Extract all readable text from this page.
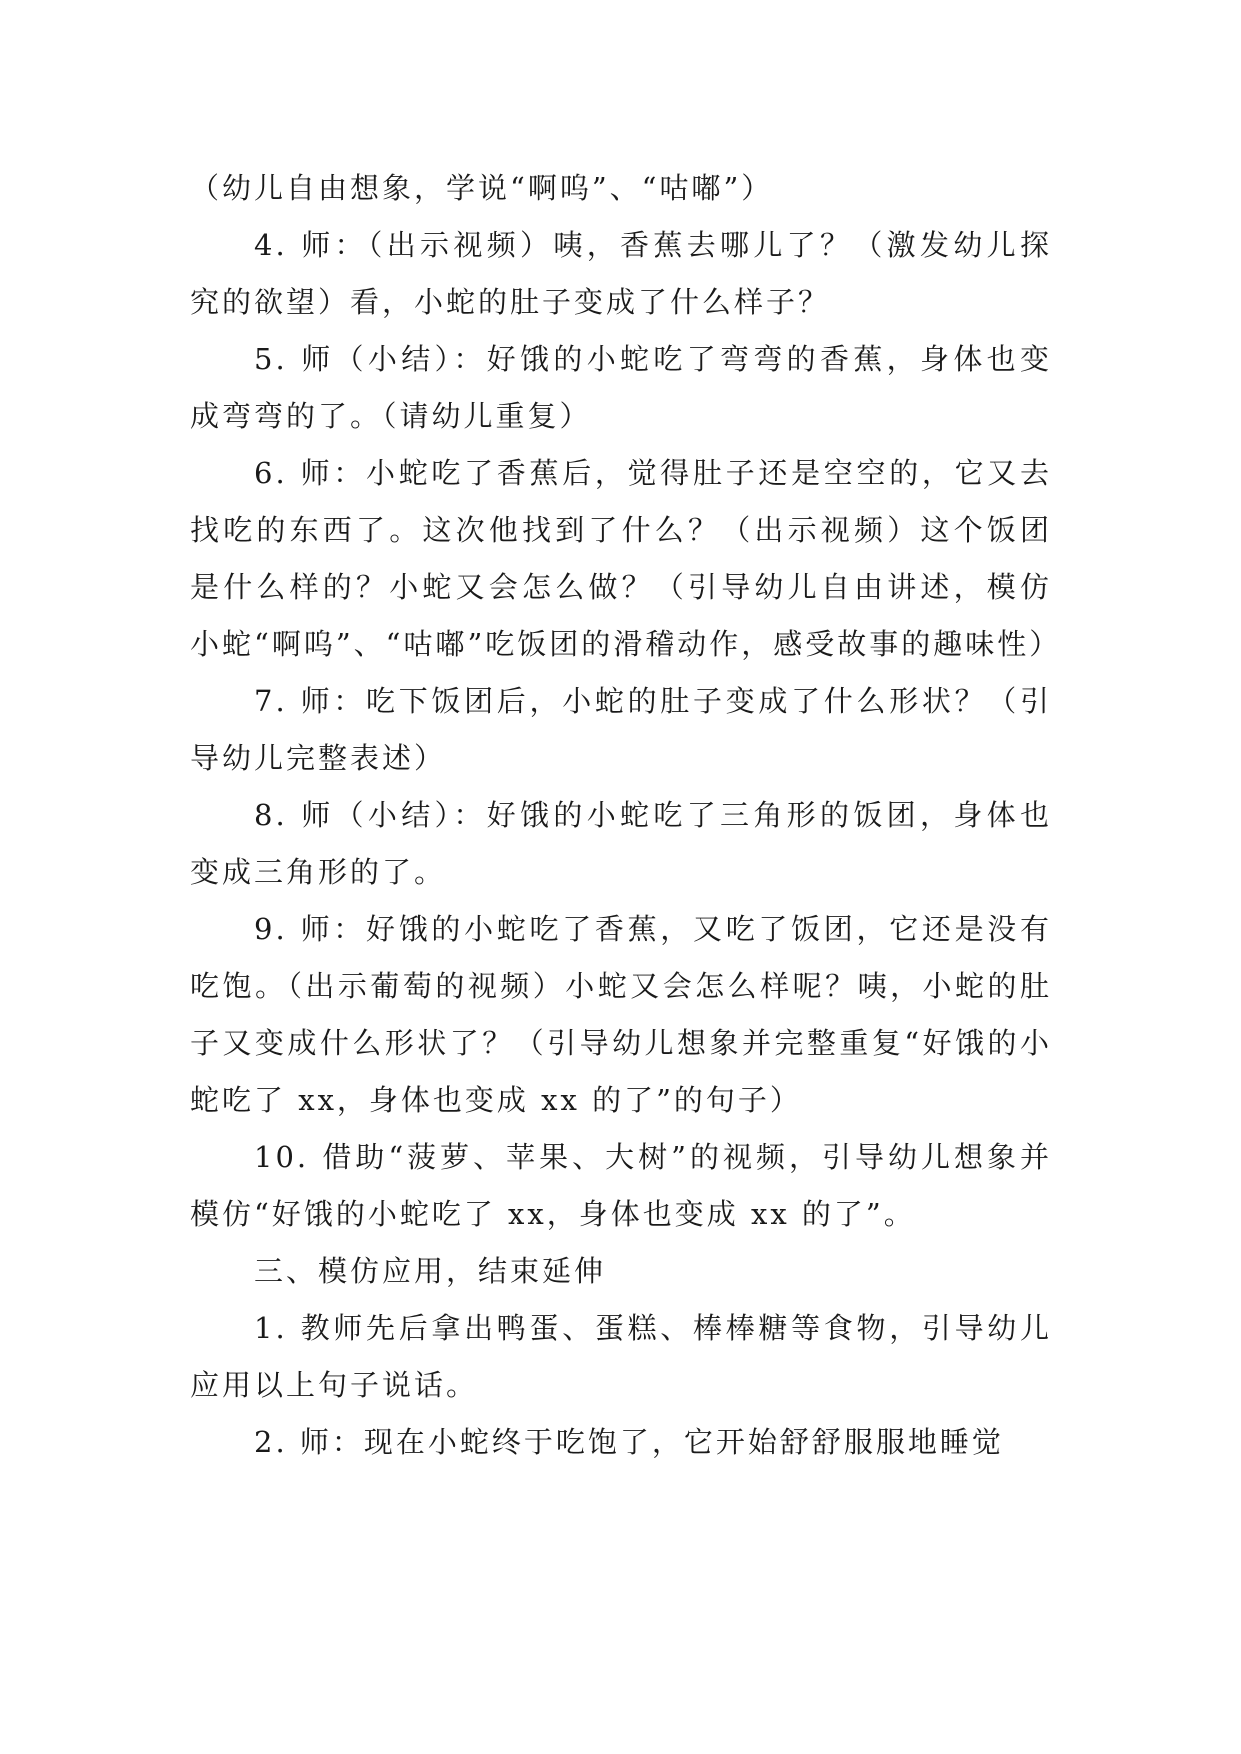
（幼儿自由想象，学说“啊呜”、“咕嘟”）

4. 师：（出示视频）咦，香蕉去哪儿了？（激发幼儿探究的欲望）看，小蛇的肚子变成了什么样子？

5. 师（小结）：好饿的小蛇吃了弯弯的香蕉，身体也变成弯弯的了。（请幼儿重复）

6. 师：小蛇吃了香蕉后，觉得肚子还是空空的，它又去找吃的东西了。这次他找到了什么？（出示视频）这个饭团是什么样的？小蛇又会怎么做？（引导幼儿自由讲述，模仿小蛇“啊呜”、“咕嘟”吃饭团的滑稽动作，感受故事的趣味性）

7. 师：吃下饭团后，小蛇的肚子变成了什么形状？（引导幼儿完整表述）

8. 师（小结）：好饿的小蛇吃了三角形的饭团，身体也变成三角形的了。

9. 师：好饿的小蛇吃了香蕉，又吃了饭团，它还是没有吃饱。（出示葡萄的视频）小蛇又会怎么样呢？咦，小蛇的肚子又变成什么形状了？（引导幼儿想象并完整重复“好饿的小蛇吃了 xx，身体也变成 xx 的了”的句子）

10. 借助“菠萝、苹果、大树”的视频，引导幼儿想象并模仿“好饿的小蛇吃了 xx，身体也变成 xx 的了”。

三、模仿应用，结束延伸

1. 教师先后拿出鸭蛋、蛋糕、棒棒糖等食物，引导幼儿应用以上句子说话。

2. 师：现在小蛇终于吃饱了，它开始舒舒服服地睡觉
